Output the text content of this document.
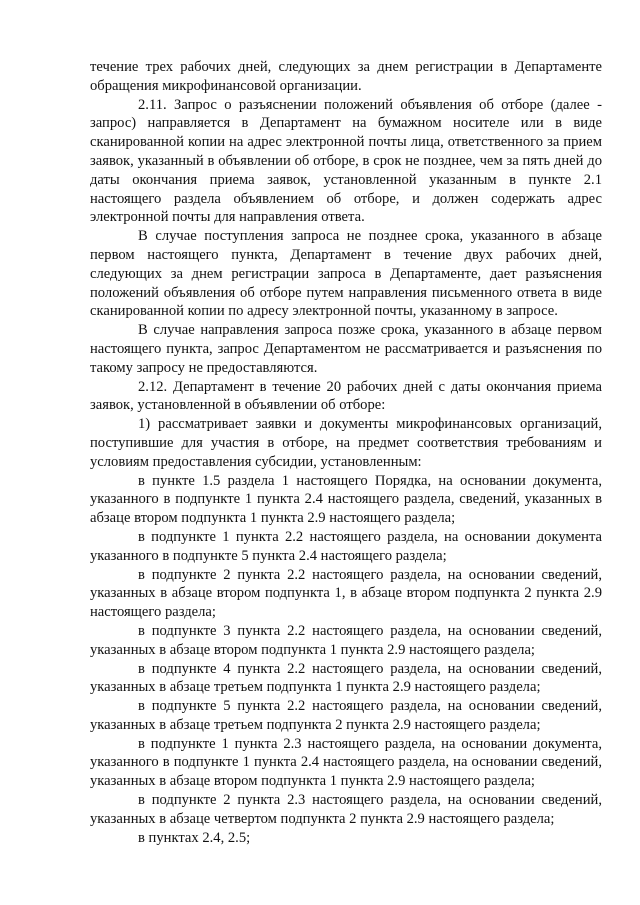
течение трех рабочих дней, следующих за днем регистрации в Департаменте обращения микрофинансовой организации.

2.11. Запрос о разъяснении положений объявления об отборе (далее - запрос) направляется в Департамент на бумажном носителе или в виде сканированной копии на адрес электронной почты лица, ответственного за прием заявок, указанный в объявлении об отборе, в срок не позднее, чем за пять дней до даты окончания приема заявок, установленной указанным в пункте 2.1 настоящего раздела объявлением об отборе, и должен содержать адрес электронной почты для направления ответа.

В случае поступления запроса не позднее срока, указанного в абзаце первом настоящего пункта, Департамент в течение двух рабочих дней, следующих за днем регистрации запроса в Департаменте, дает разъяснения положений объявления об отборе путем направления письменного ответа в виде сканированной копии по адресу электронной почты, указанному в запросе.

В случае направления запроса позже срока, указанного в абзаце первом настоящего пункта, запрос Департаментом не рассматривается и разъяснения по такому запросу не предоставляются.

2.12. Департамент в течение 20 рабочих дней с даты окончания приема заявок, установленной в объявлении об отборе:

1) рассматривает заявки и документы микрофинансовых организаций, поступившие для участия в отборе, на предмет соответствия требованиям и условиям предоставления субсидии, установленным:

в пункте 1.5 раздела 1 настоящего Порядка, на основании документа, указанного в подпункте 1 пункта 2.4 настоящего раздела, сведений, указанных в абзаце втором подпункта 1 пункта 2.9 настоящего раздела;

в подпункте 1 пункта 2.2 настоящего раздела, на основании документа указанного в подпункте 5 пункта 2.4 настоящего раздела;

в подпункте 2 пункта 2.2 настоящего раздела, на основании сведений, указанных в абзаце втором подпункта 1, в абзаце втором подпункта 2 пункта 2.9 настоящего раздела;

в подпункте 3 пункта 2.2 настоящего раздела, на основании сведений, указанных в абзаце втором подпункта 1 пункта 2.9 настоящего раздела;

в подпункте 4 пункта 2.2 настоящего раздела, на основании сведений, указанных в абзаце третьем подпункта 1 пункта 2.9 настоящего раздела;

в подпункте 5 пункта 2.2 настоящего раздела, на основании сведений, указанных в абзаце третьем подпункта 2 пункта 2.9 настоящего раздела;

в подпункте 1 пункта 2.3 настоящего раздела, на основании документа, указанного в подпункте 1 пункта 2.4 настоящего раздела, на основании сведений, указанных в абзаце втором подпункта 1 пункта 2.9 настоящего раздела;

в подпункте 2 пункта 2.3 настоящего раздела, на основании сведений, указанных в абзаце четвертом подпункта 2 пункта 2.9 настоящего раздела;

в пунктах 2.4, 2.5;
